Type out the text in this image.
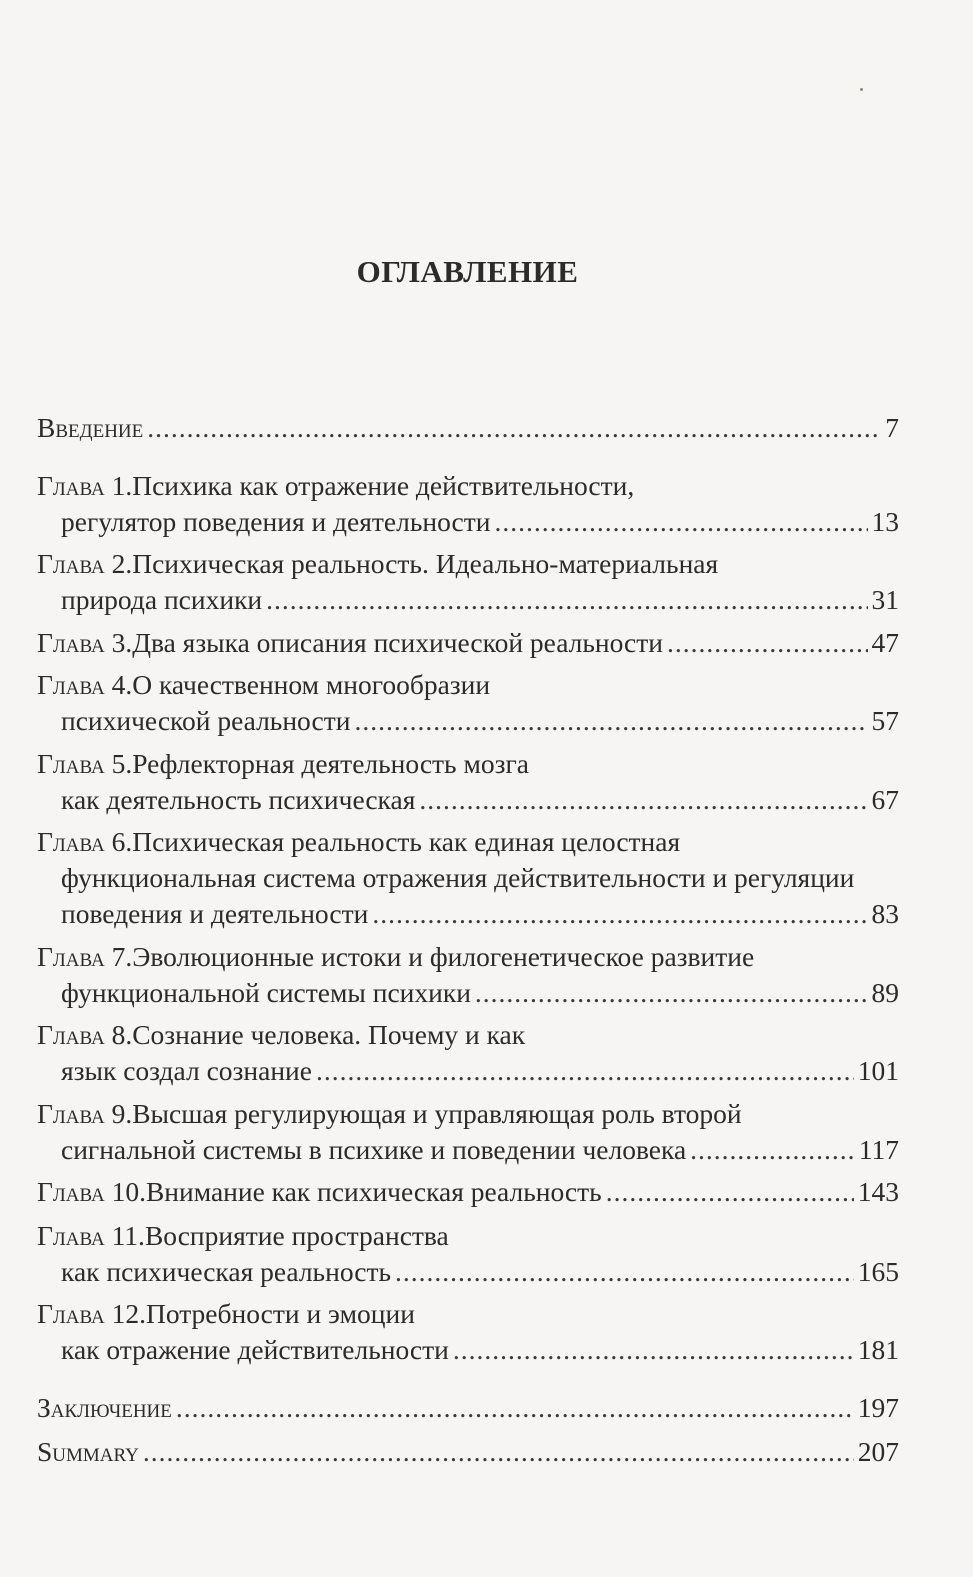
ОГЛАВЛЕНИЕ
Введение .....	7
Глава 1. Психика как отражение действительности,
регулятор поведения и деятельности .....	13
Глава 2. Психическая реальность. Идеально-материальная
природа психики .....	31
Глава 3. Два языка описания психической реальности .....	47
Глава 4. О качественном многообразии
психической реальности .....	57
Глава 5. Рефлекторная деятельность мозга
как деятельность психическая .....	67
Глава 6. Психическая реальность как единая целостная
функциональная система отражения действительности и регуляции
поведения и деятельности .....	83
Глава 7. Эволюционные истоки и филогенетическое развитие
функциональной системы психики .....	89
Глава 8. Сознание человека. Почему и как
язык создал сознание .....	101
Глава 9. Высшая регулирующая и управляющая роль второй
сигнальной системы в психике и поведении человека .....	117
Глава 10. Внимание как психическая реальность .....	143
Глава 11. Восприятие пространства
как психическая реальность .....	165
Глава 12. Потребности и эмоции
как отражение действительности .....	181
Заключение .....	197
Summary .....	207
